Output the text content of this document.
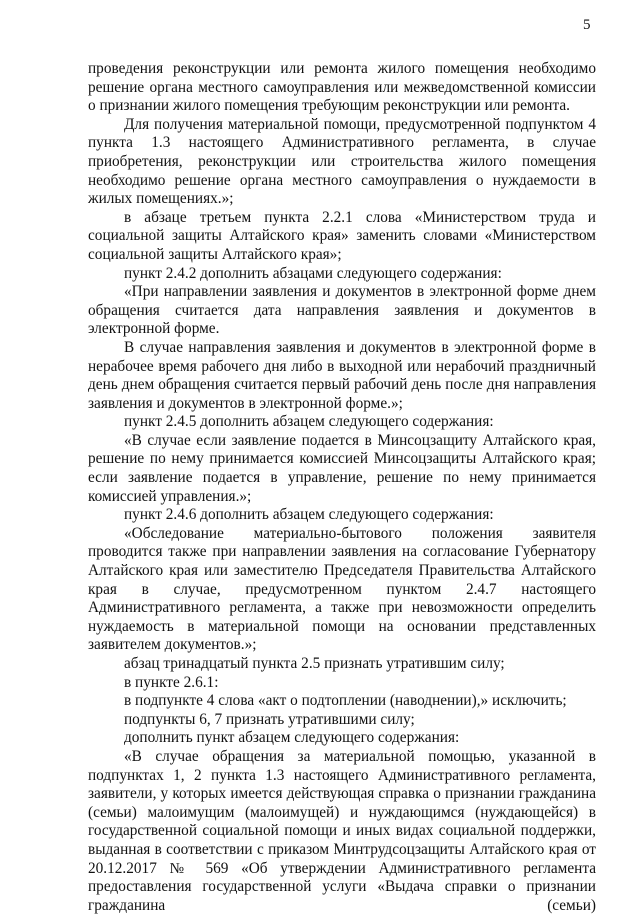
5

проведения реконструкции или ремонта жилого помещения необходимо решение органа местного самоуправления или межведомственной комиссии о признании жилого помещения требующим реконструкции или ремонта.

Для получения материальной помощи, предусмотренной подпунктом 4 пункта 1.3 настоящего Административного регламента, в случае приобретения, реконструкции или строительства жилого помещения необходимо решение органа местного самоуправления о нуждаемости в жилых помещениях.»;

в абзаце третьем пункта 2.2.1 слова «Министерством труда и социальной защиты Алтайского края» заменить словами «Министерством социальной защиты Алтайского края»;

пункт 2.4.2 дополнить абзацами следующего содержания:

«При направлении заявления и документов в электронной форме днем обращения считается дата направления заявления и документов в электронной форме.

В случае направления заявления и документов в электронной форме в нерабочее время рабочего дня либо в выходной или нерабочий праздничный день днем обращения считается первый рабочий день после дня направления заявления и документов в электронной форме.»;

пункт 2.4.5 дополнить абзацем следующего содержания:

«В случае если заявление подается в Минсоцзащиту Алтайского края, решение по нему принимается комиссией Минсоцзащиты Алтайского края; если заявление подается в управление, решение по нему принимается комиссией управления.»;

пункт 2.4.6 дополнить абзацем следующего содержания:

«Обследование материально-бытового положения заявителя проводится также при направлении заявления на согласование Губернатору Алтайского края или заместителю Председателя Правительства Алтайского края в случае, предусмотренном пунктом 2.4.7 настоящего Административного регламента, а также при невозможности определить нуждаемость в материальной помощи на основании представленных заявителем документов.»;

абзац тринадцатый пункта 2.5 признать утратившим силу;

в пункте 2.6.1:

в подпункте 4 слова «акт о подтоплении (наводнении),» исключить;

подпункты 6, 7 признать утратившими силу;

дополнить пункт абзацем следующего содержания:

«В случае обращения за материальной помощью, указанной в подпунктах 1, 2 пункта 1.3 настоящего Административного регламента, заявители, у которых имеется действующая справка о признании гражданина (семьи) малоимущим (малоимущей) и нуждающимся (нуждающейся) в государственной социальной помощи и иных видах социальной поддержки, выданная в соответствии с приказом Минтрудсоцзащиты Алтайского края от 20.12.2017 № 569 «Об утверждении Административного регламента предоставления государственной услуги «Выдача справки о признании гражданина (семьи)
